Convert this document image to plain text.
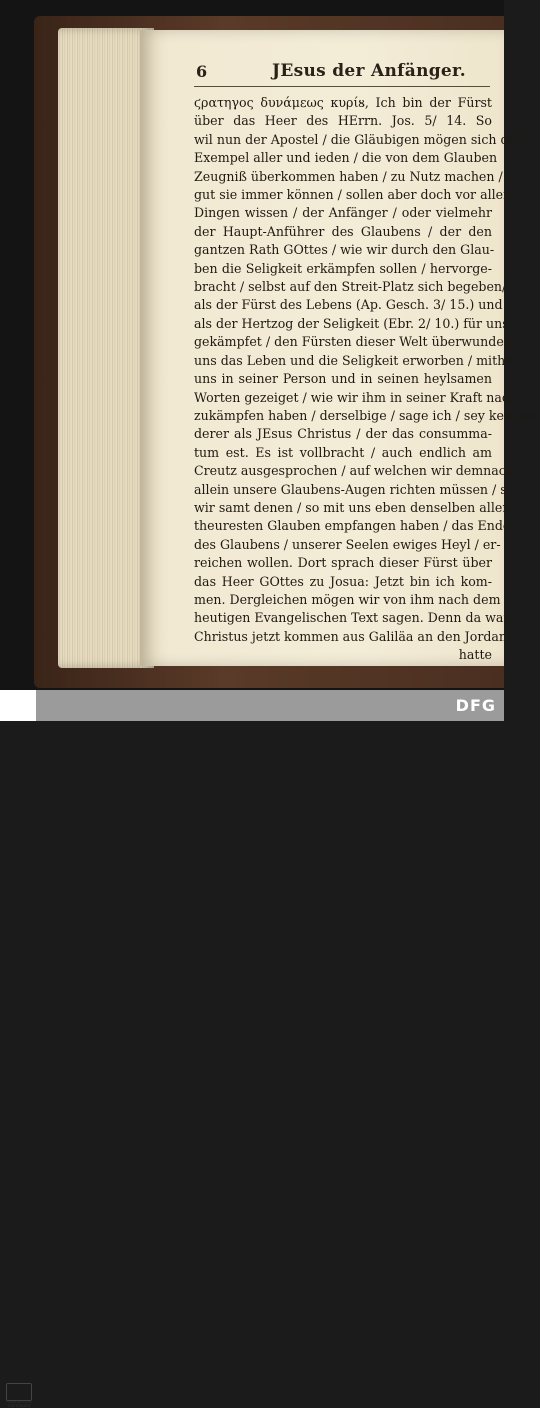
6	JEsus der Anfänger.
ϛρατηγος δυνάμεως κυρίᴕ, Ich bin der Fürst
über das Heer des HErrn. Jos. 5/ 14. So
wil nun der Apostel / die Gläubigen mögen sich die
Exempel aller und ieden / die von dem Glauben
Zeugniß überkommen haben / zu Nutz machen / so
gut sie immer können / sollen aber doch vor allen
Dingen wissen / der Anfänger / oder vielmehr
der Haupt-Anführer des Glaubens / der den
gantzen Rath GOttes / wie wir durch den Glau-
ben die Seligkeit erkämpfen sollen / hervorge-
bracht / selbst auf den Streit-Platz sich begeben/
als der Fürst des Lebens (Ap. Gesch. 3/ 15.) und
als der Hertzog der Seligkeit (Ebr. 2/ 10.) für uns
gekämpfet / den Fürsten dieser Welt überwunden/
uns das Leben und die Seligkeit erworben / mithin
uns in seiner Person und in seinen heylsamen
Worten gezeiget / wie wir ihm in seiner Kraft nach-
zukämpfen haben / derselbige / sage ich / sey kein an-
derer als JEsus Christus / der das consumma-
tum est. Es ist vollbracht / auch endlich am
Creutz ausgesprochen / auf welchen wir demnach
allein unsere Glaubens-Augen richten müssen / so
wir samt denen / so mit uns eben denselben aller-
theuresten Glauben empfangen haben / das Ende
des Glaubens / unserer Seelen ewiges Heyl / er-
reichen wollen. Dort sprach dieser Fürst über
das Heer GOttes zu Josua: Jetzt bin ich kom-
men. Dergleichen mögen wir von ihm nach dem
heutigen Evangelischen Text sagen. Denn da war
Christus jetzt kommen aus Galiläa an den Jordan/
hatte
FRANCKESCHE STIFTUNGEN
DFG
